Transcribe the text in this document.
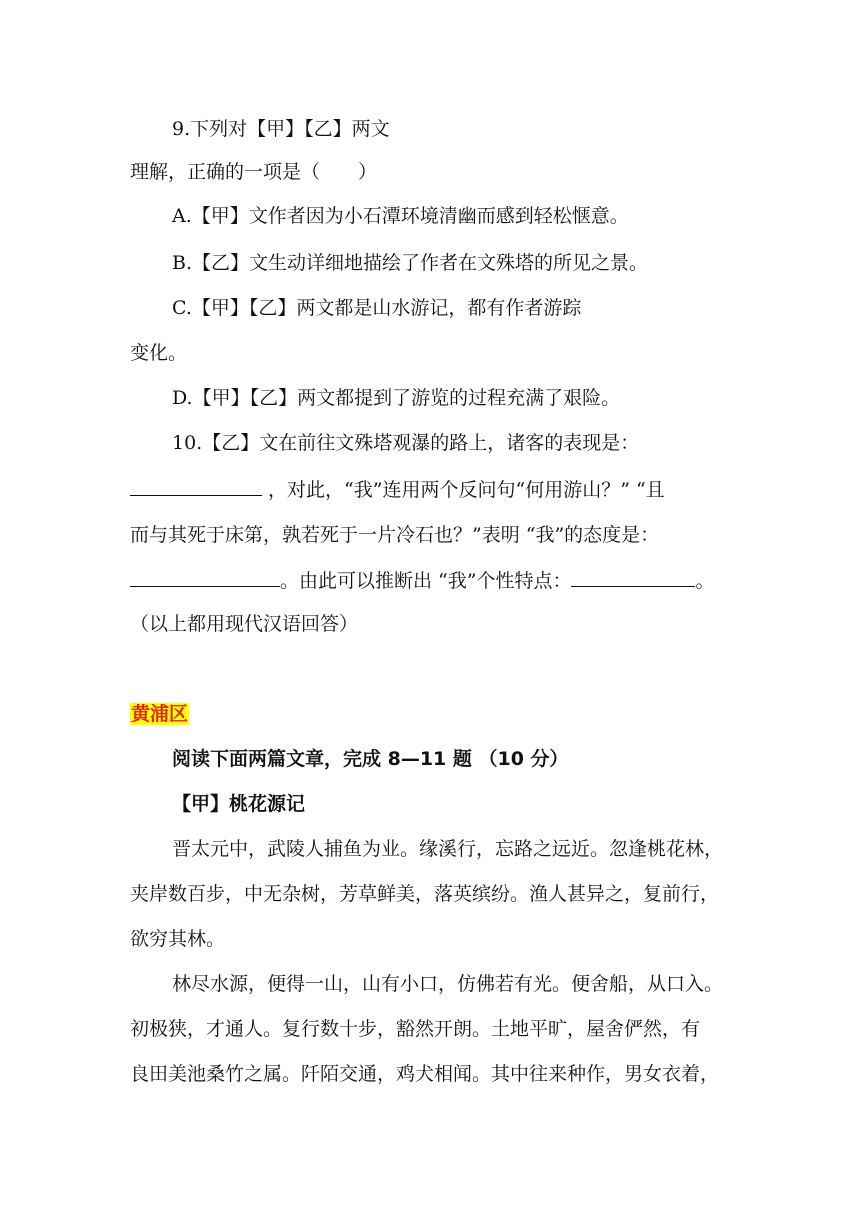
9.下列对【甲】【乙】两文
理解，正确的一项是（　　）
A.【甲】文作者因为小石潭环境清幽而感到轻松惬意。
B.【乙】文生动详细地描绘了作者在文殊塔的所见之景。
C.【甲】【乙】两文都是山水游记，都有作者游踪
变化。
D.【甲】【乙】两文都提到了游览的过程充满了艰险。
10.【乙】文在前往文殊塔观瀑的路上，诸客的表现是：
，对此，“我”连用两个反问句“何用游山？” “且
而与其死于床第，孰若死于一片冷石也？”表明 “我”的态度是：
。由此可以推断出 “我”个性特点：	。
（以上都用现代汉语回答）
黄浦区
阅读下面两篇文章，完成 8—11 题 （10 分）
【甲】桃花源记
晋太元中，武陵人捕鱼为业。缘溪行，忘路之远近。忽逢桃花林，
夹岸数百步，中无杂树，芳草鲜美，落英缤纷。渔人甚异之，复前行，
欲穷其林。
林尽水源，便得一山，山有小口，仿佛若有光。便舍船，从口入。
初极狭，才通人。复行数十步，豁然开朗。土地平旷，屋舍俨然，有
良田美池桑竹之属。阡陌交通，鸡犬相闻。其中往来种作，男女衣着，
